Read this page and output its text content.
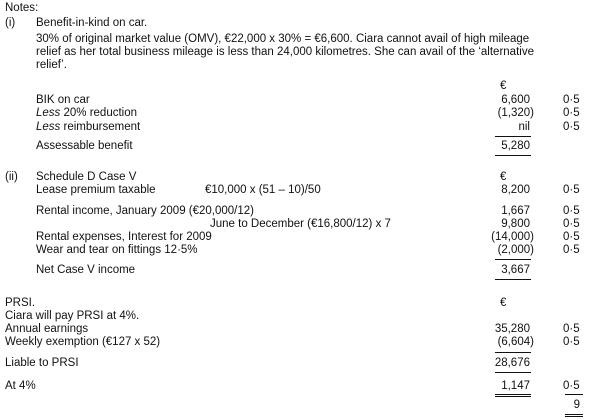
Notes:
(i) Benefit-in-kind on car.
30% of original market value (OMV), €22,000 x 30% = €6,600. Ciara cannot avail of high mileage
relief as her total business mileage is less than 24,000 kilometres. She can avail of the ‘alternative
relief’.
€
BIK on car	6,600	0·5
Less 20% reduction	(1,320)	0·5
Less reimbursement	nil	0·5
Assessable benefit	5,280
(ii) Schedule D Case V	€
Lease premium taxable	€10,000 x (51 – 10)/50	8,200	0·5
Rental income, January 2009 (€20,000/12)	1,667	0·5
June to December (€16,800/12) x 7	9,800	0·5
Rental expenses, Interest for 2009	(14,000)	0·5
Wear and tear on fittings 12·5%	(2,000)	0·5
Net Case V income	3,667
PRSI.	€
Ciara will pay PRSI at 4%.
Annual earnings	35,280	0·5
Weekly exemption (€127 x 52)	(6,604)	0·5
Liable to PRSI	28,676
At 4%	1,147	0·5
9
